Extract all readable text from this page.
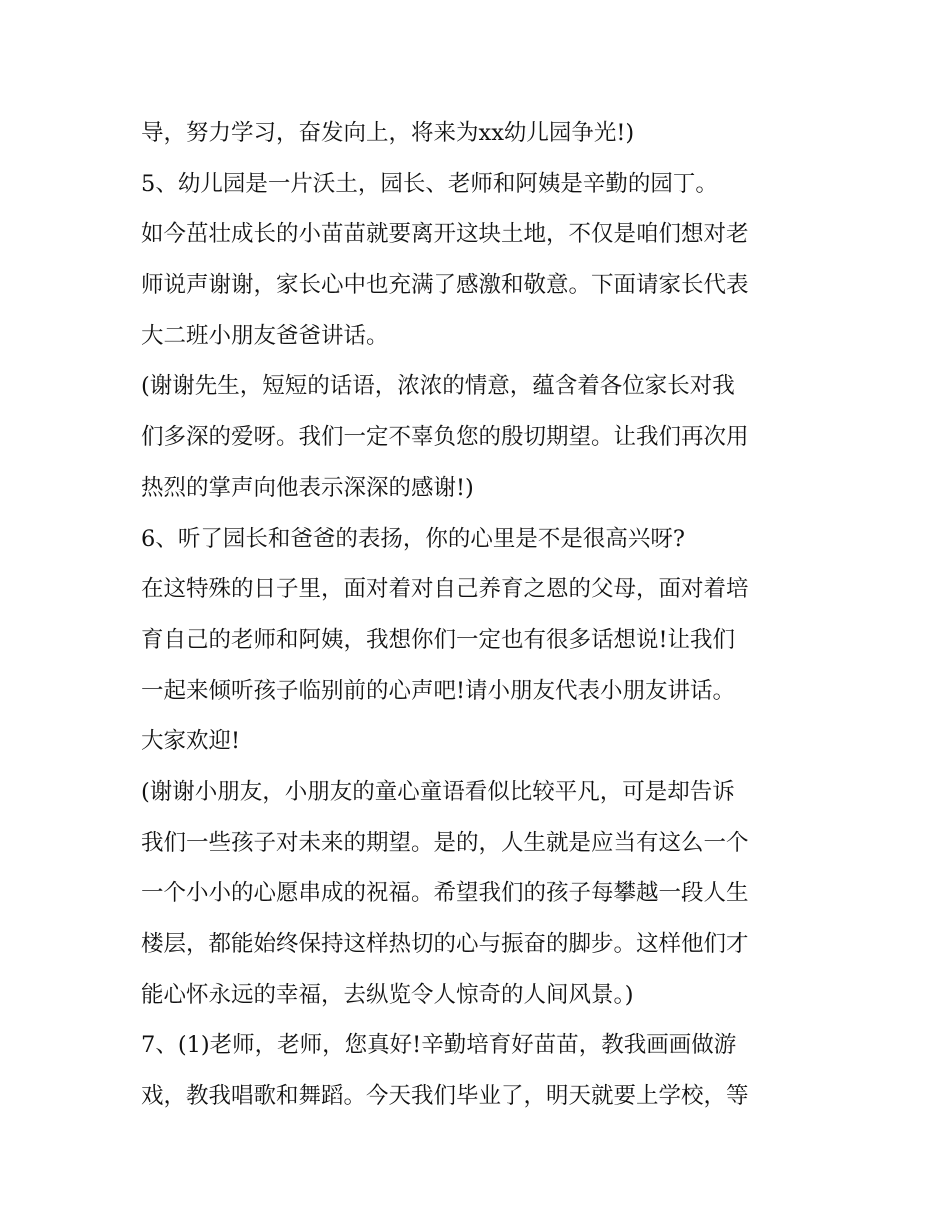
导，努力学习，奋发向上，将来为xx幼儿园争光!)

5、幼儿园是一片沃土，园长、老师和阿姨是辛勤的园丁。

如今茁壮成长的小苗苗就要离开这块土地，不仅是咱们想对老

师说声谢谢，家长心中也充满了感激和敬意。下面请家长代表

大二班小朋友爸爸讲话。

(谢谢先生，短短的话语，浓浓的情意，蕴含着各位家长对我

们多深的爱呀。我们一定不辜负您的殷切期望。让我们再次用

热烈的掌声向他表示深深的感谢!)

6、听了园长和爸爸的表扬，你的心里是不是很高兴呀?

在这特殊的日子里，面对着对自己养育之恩的父母，面对着培

育自己的老师和阿姨，我想你们一定也有很多话想说!让我们

一起来倾听孩子临别前的心声吧!请小朋友代表小朋友讲话。

大家欢迎!

(谢谢小朋友，小朋友的童心童语看似比较平凡，可是却告诉

我们一些孩子对未来的期望。是的，人生就是应当有这么一个

一个小小的心愿串成的祝福。希望我们的孩子每攀越一段人生

楼层，都能始终保持这样热切的心与振奋的脚步。这样他们才

能心怀永远的幸福，去纵览令人惊奇的人间风景。)

7、(1)老师，老师，您真好!辛勤培育好苗苗，教我画画做游

戏，教我唱歌和舞蹈。今天我们毕业了，明天就要上学校，等
